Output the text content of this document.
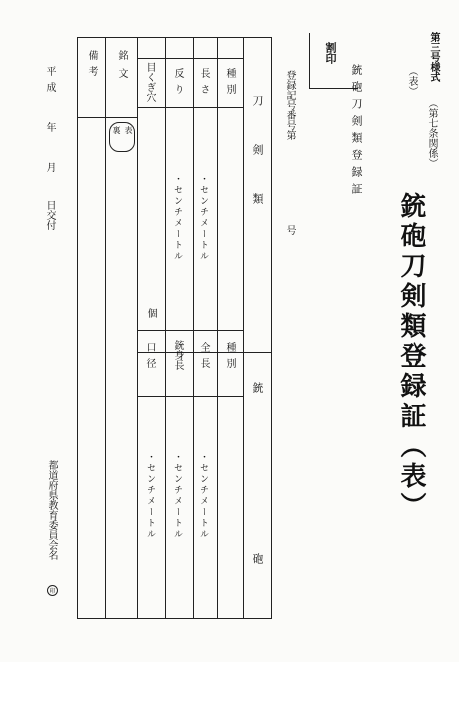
第三号様式
（表）
（第七条関係）
銃砲刀剣類登録証（表）
割印
銃砲刀剣類登録証
登録記号番号第
号
刀剣類
種別
長さ
反り
目くぎ穴
銘文
備考
表
裏
・センチメートル
・センチメートル
個
銃砲
種別
全長
銃身長
口径
・センチメートル
・センチメートル
・センチメートル
平成
年
月
日交付
都道府県教育委員会名
印
